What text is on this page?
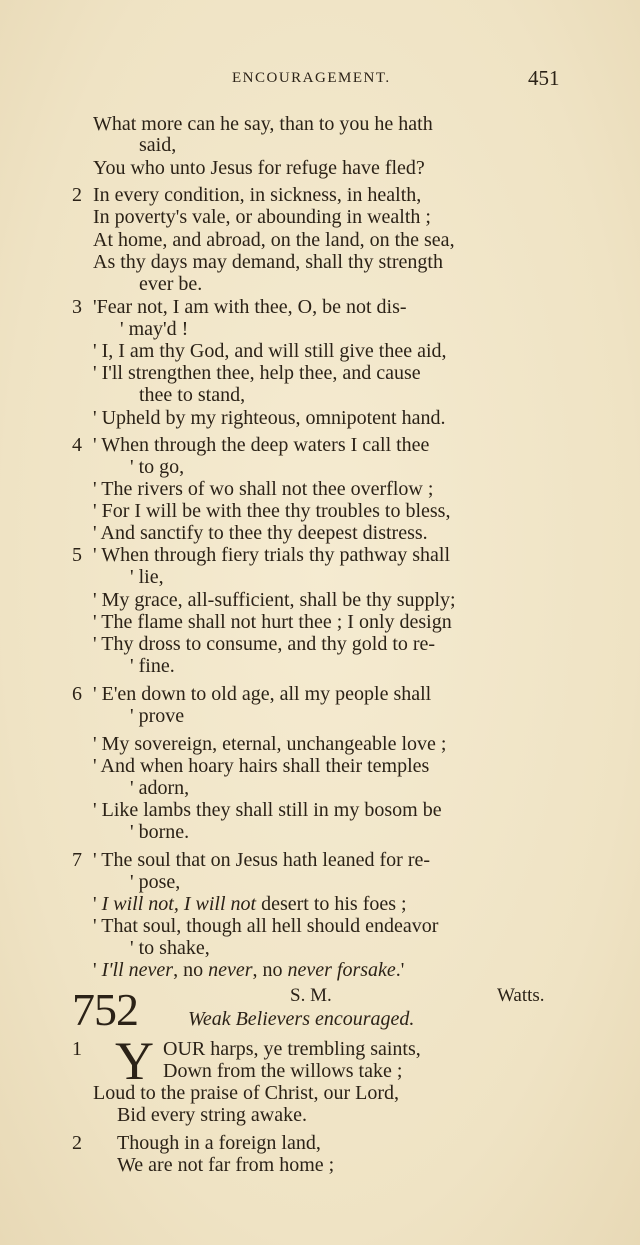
ENCOURAGEMENT.	451
What more can he say, than to you he hath
said,
You who unto Jesus for refuge have fled?
2 In every condition, in sickness, in health,
In poverty's vale, or abounding in wealth ;
At home, and abroad, on the land, on the sea,
As thy days may demand, shall thy strength
ever be.
3 'Fear not, I am with thee, O, be not dis-
' may'd !
' I, I am thy God, and will still give thee aid,
' I'll strengthen thee, help thee, and cause
thee to stand,
' Upheld by my righteous, omnipotent hand.
4 ' When through the deep waters I call thee
' to go,
' The rivers of wo shall not thee overflow ;
' For I will be with thee thy troubles to bless,
' And sanctify to thee thy deepest distress.
5 ' When through fiery trials thy pathway shall
' lie,
' My grace, all-sufficient, shall be thy supply;
' The flame shall not hurt thee ; I only design
' Thy dross to consume, and thy gold to re-
' fine.
6 ' E'en down to old age, all my people shall
' prove
' My sovereign, eternal, unchangeable love ;
' And when hoary hairs shall their temples
' adorn,
' Like lambs they shall still in my bosom be
' borne.
7 ' The soul that on Jesus hath leaned for re-
' pose,
' I will not, I will not desert to his foes ;
' That soul, though all hell should endeavor
' to shake,
' I'll never, no never, no never forsake.'
752	S. M.	Watts.
Weak Believers encouraged.
1 Y OUR harps, ye trembling saints,
Down from the willows take ;
Loud to the praise of Christ, our Lord,
Bid every string awake.
2 Though in a foreign land,
We are not far from home ;
